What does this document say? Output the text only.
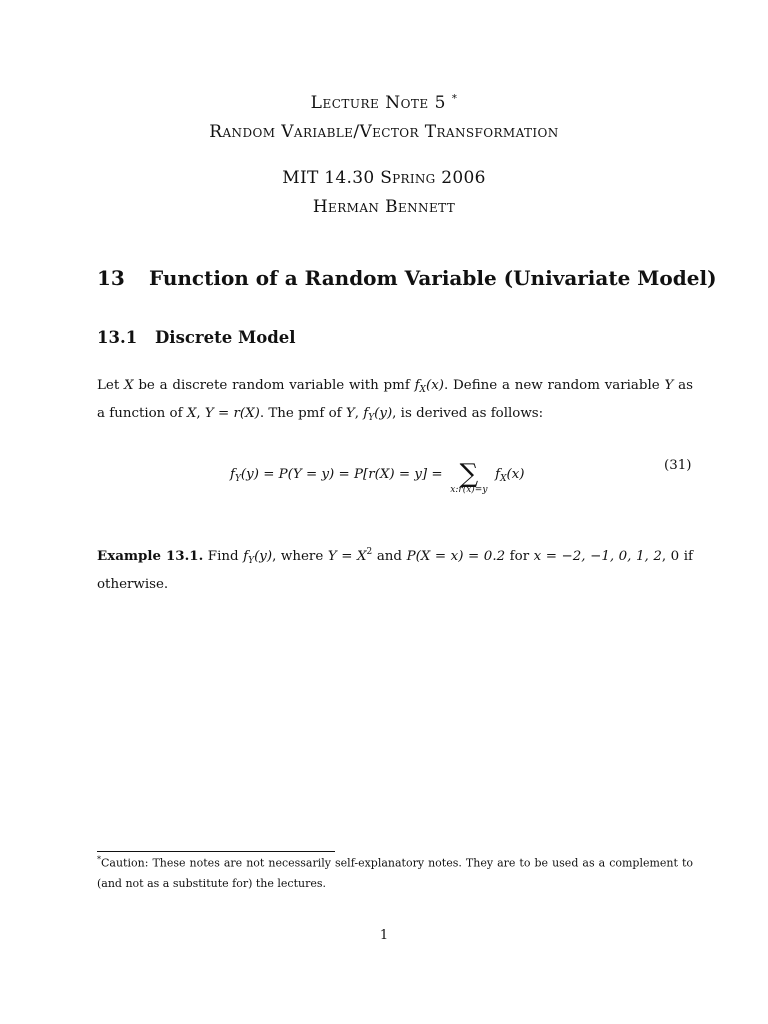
Lecture Note 5 *
Random Variable/Vector Transformation
MIT 14.30 Spring 2006
Herman Bennett
13 Function of a Random Variable (Univariate Model)
13.1 Discrete Model
Let X be a discrete random variable with pmf $f_X(x)$. Define a new random variable Y as a function of X, Y = r(X). The pmf of Y, $f_Y(y)$, is derived as follows:
$f_Y(y) = P(Y = y) = P[r(X) = y]$ = ∑
x:r(x)=y
$f_X(x)$
(31)
Example 13.1. Find $f_Y(y)$, where $Y = X^2$ and P(X = x) = 0.2 for x = −2, −1, 0, 1, 2, 0 if otherwise.
*Caution: These notes are not necessarily self-explanatory notes. They are to be used as a complement to (and not as a substitute for) the lectures.
1
